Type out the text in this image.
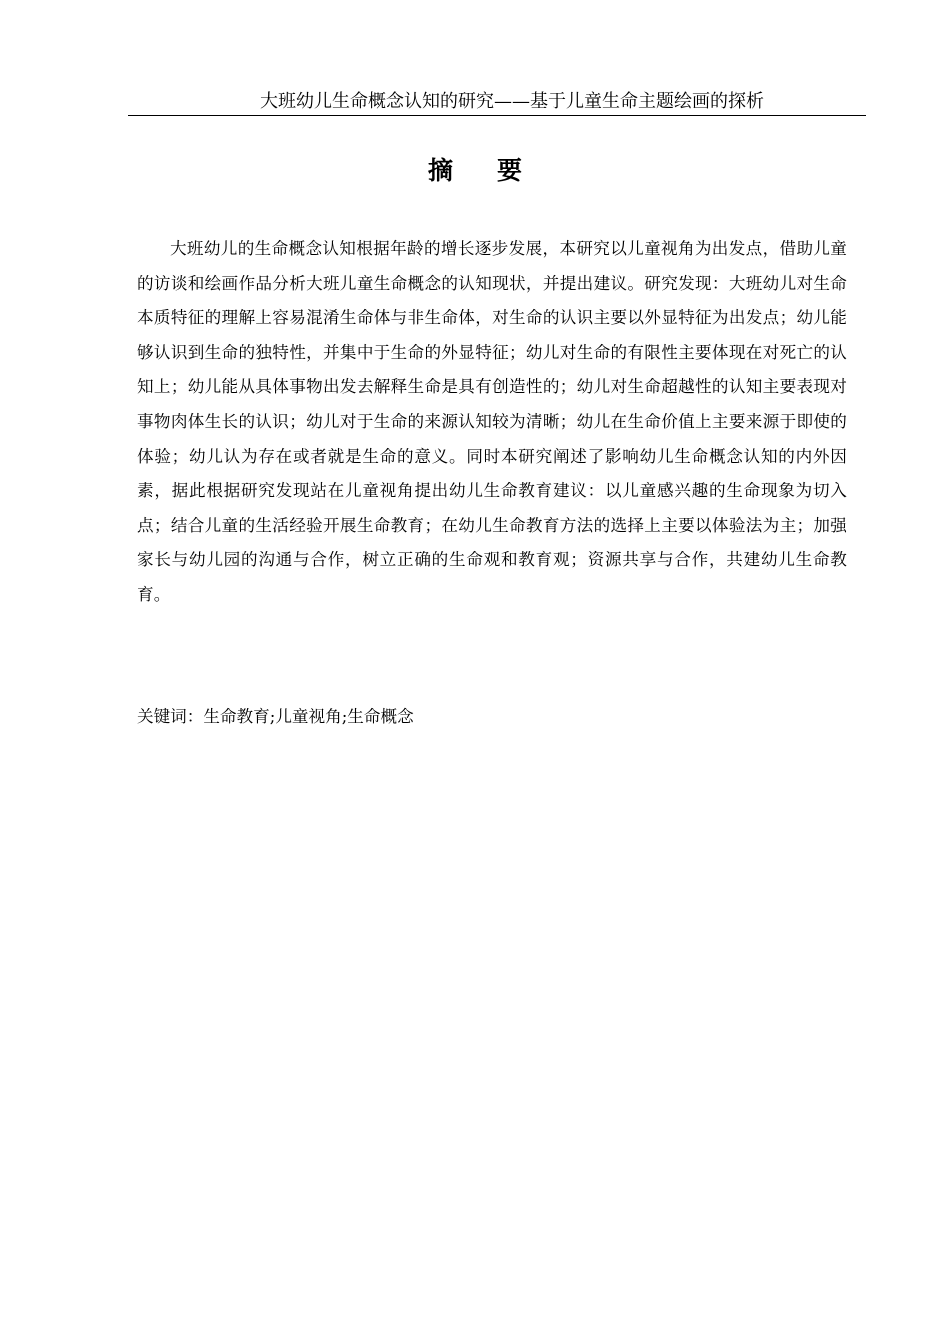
大班幼儿生命概念认知的研究——基于儿童生命主题绘画的探析
摘要
大班幼儿的生命概念认知根据年龄的增长逐步发展，本研究以儿童视角为出发点，借助儿童的访谈和绘画作品分析大班儿童生命概念的认知现状，并提出建议。研究发现：大班幼儿对生命本质特征的理解上容易混淆生命体与非生命体，对生命的认识主要以外显特征为出发点；幼儿能够认识到生命的独特性，并集中于生命的外显特征；幼儿对生命的有限性主要体现在对死亡的认知上；幼儿能从具体事物出发去解释生命是具有创造性的；幼儿对生命超越性的认知主要表现对事物肉体生长的认识；幼儿对于生命的来源认知较为清晰；幼儿在生命价值上主要来源于即使的体验；幼儿认为存在或者就是生命的意义。同时本研究阐述了影响幼儿生命概念认知的内外因素，据此根据研究发现站在儿童视角提出幼儿生命教育建议：以儿童感兴趣的生命现象为切入点；结合儿童的生活经验开展生命教育；在幼儿生命教育方法的选择上主要以体验法为主；加强家长与幼儿园的沟通与合作，树立正确的生命观和教育观；资源共享与合作，共建幼儿生命教育。
关键词：生命教育;儿童视角;生命概念
